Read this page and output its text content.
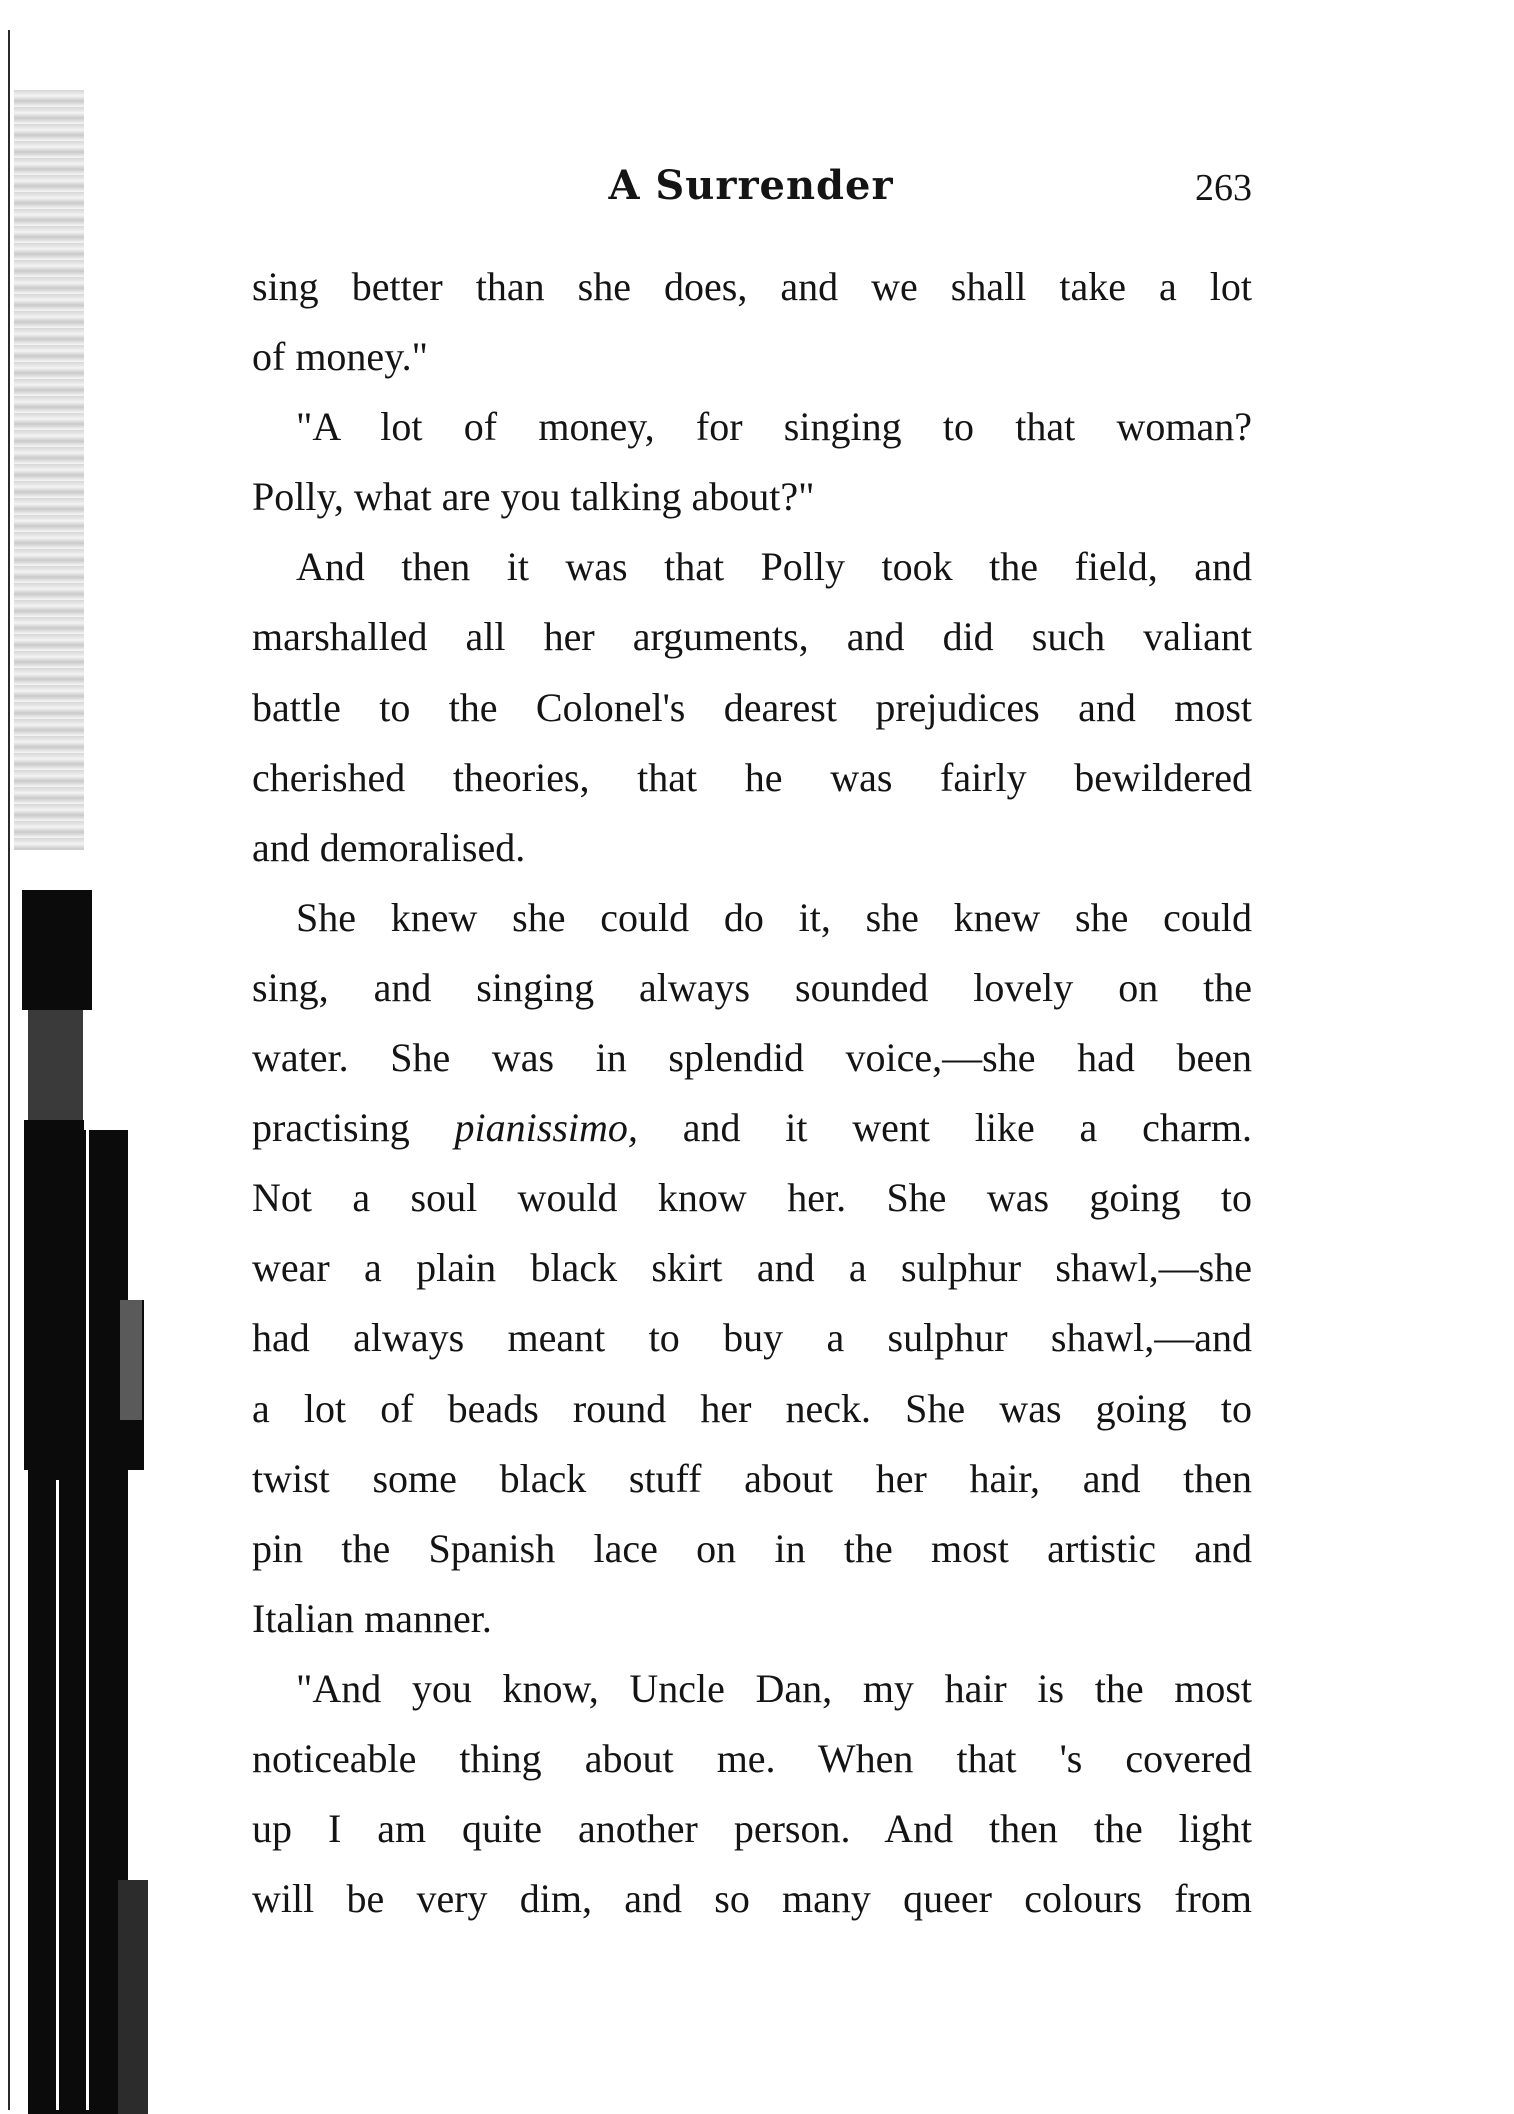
A Surrender	263
sing better than she does, and we shall take a lot
of money."
"A lot of money, for singing to that woman?
Polly, what are you talking about?"
And then it was that Polly took the field, and
marshalled all her arguments, and did such valiant
battle to the Colonel's dearest prejudices and most
cherished theories, that he was fairly bewildered
and demoralised.
She knew she could do it, she knew she could
sing, and singing always sounded lovely on the
water. She was in splendid voice,—she had been
practising pianissimo, and it went like a charm.
Not a soul would know her. She was going to
wear a plain black skirt and a sulphur shawl,—she
had always meant to buy a sulphur shawl,—and
a lot of beads round her neck. She was going to
twist some black stuff about her hair, and then
pin the Spanish lace on in the most artistic and
Italian manner.
"And you know, Uncle Dan, my hair is the most
noticeable thing about me. When that 's covered
up I am quite another person. And then the light
will be very dim, and so many queer colours from
